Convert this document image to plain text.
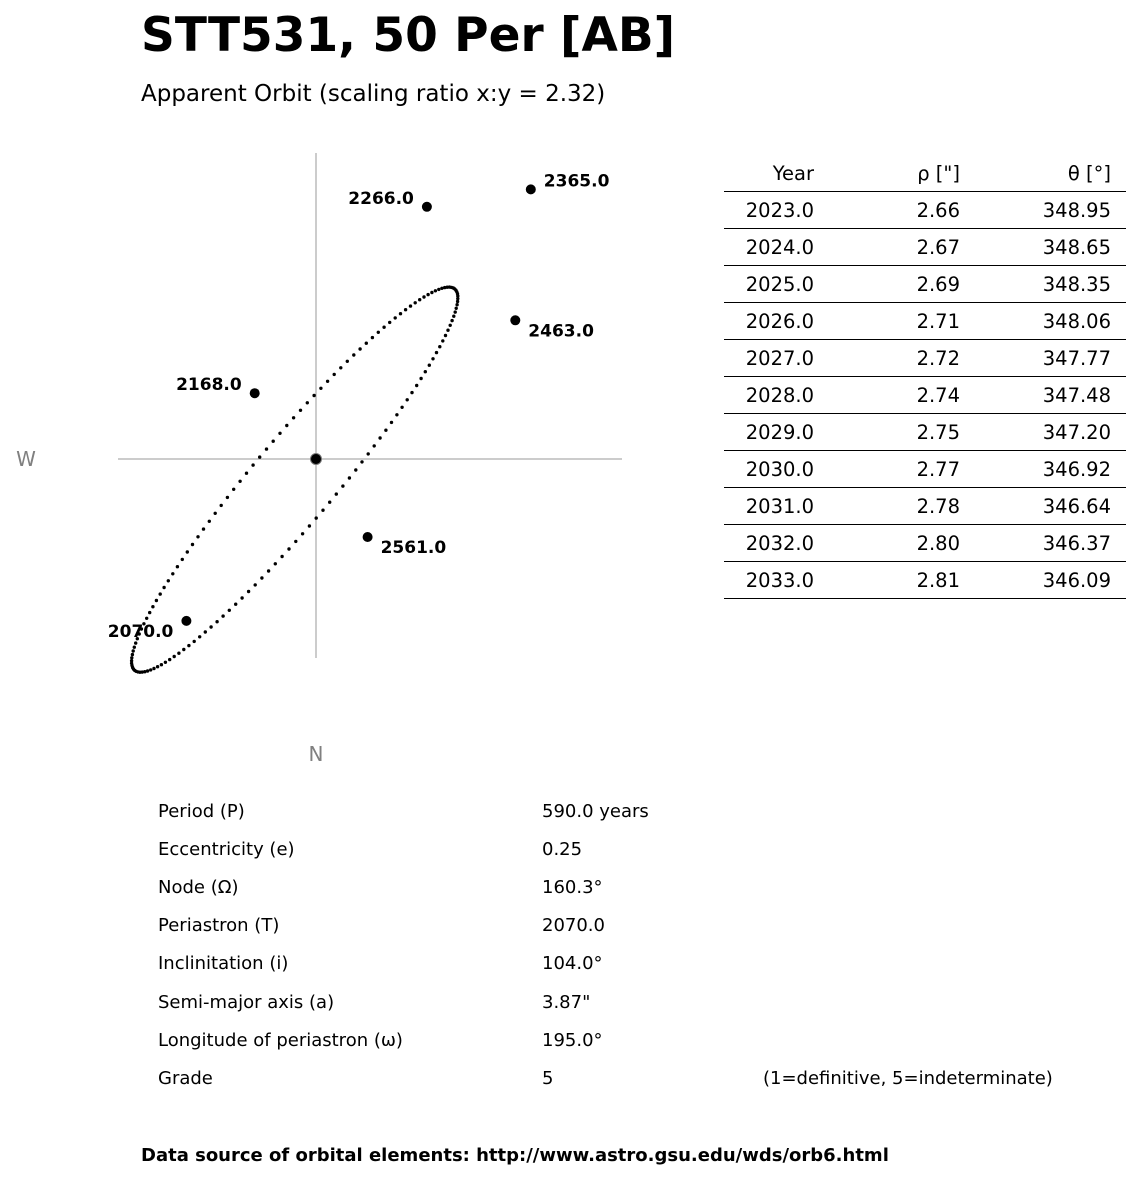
STT531, 50 Per [AB]
Apparent Orbit (scaling ratio x:y = 2.32)
W
N
2070.0
2168.0
2266.0
2365.0
2463.0
2561.0
Year	ρ ["]	θ [°]	
2023.0	2.66	348.95	
2024.0	2.67	348.65	
2025.0	2.69	348.35	
2026.0	2.71	348.06	
2027.0	2.72	347.77	
2028.0	2.74	347.48	
2029.0	2.75	347.20	
2030.0	2.77	346.92	
2031.0	2.78	346.64	
2032.0	2.80	346.37	
2033.0	2.81	346.09	
Period (P)	590.0 years
Eccentricity (e)	0.25
Node (Ω)	160.3°
Periastron (T)	2070.0
Inclinitation (i)	104.0°
Semi-major axis (a)	3.87"
Longitude of periastron (ω)	195.0°
Grade	5	(1=definitive, 5=indeterminate)
Data source of orbital elements: http://www.astro.gsu.edu/wds/orb6.html
